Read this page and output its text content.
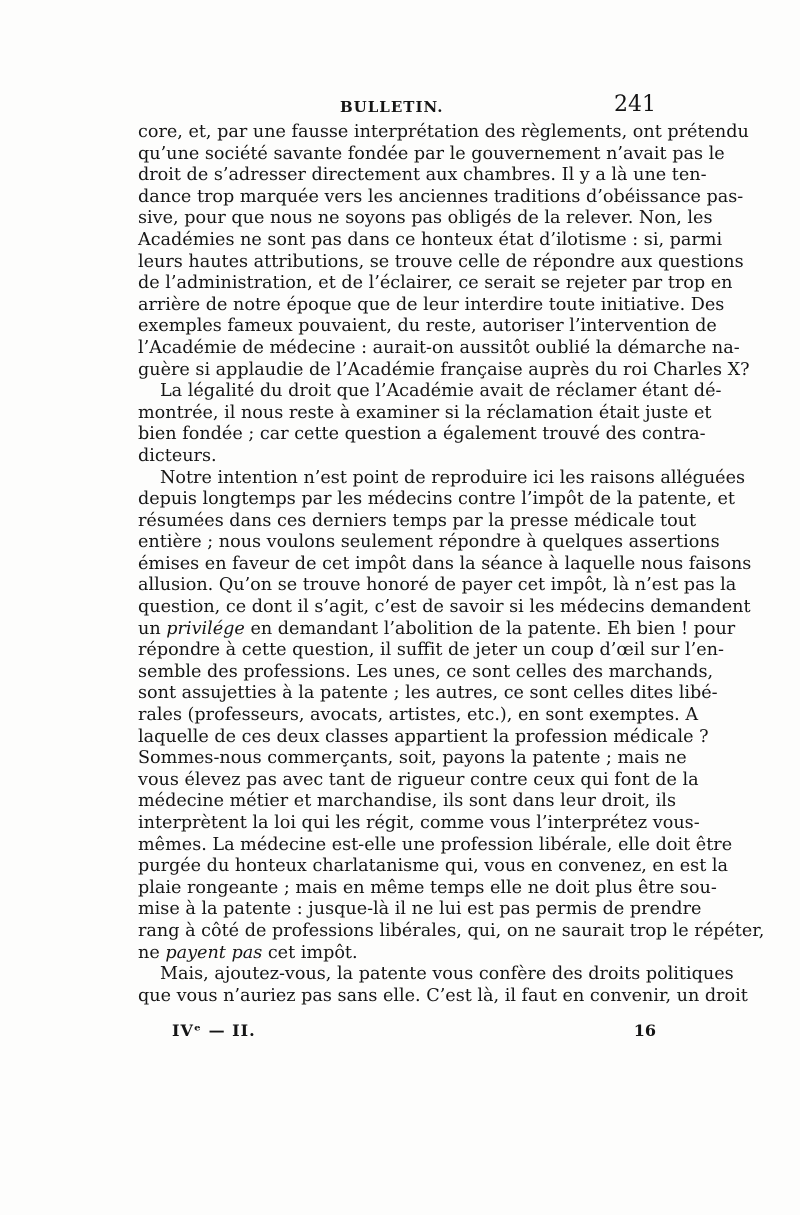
BULLETIN.	241
core, et, par une fausse interprétation des règlements, ont prétendu
qu’une société savante fondée par le gouvernement n’avait pas le
droit de s’adresser directement aux chambres. Il y a là une ten-
dance trop marquée vers les anciennes traditions d’obéissance pas-
sive, pour que nous ne soyons pas obligés de la relever. Non, les
Académies ne sont pas dans ce honteux état d’ilotisme : si, parmi
leurs hautes attributions, se trouve celle de répondre aux questions
de l’administration, et de l’éclairer, ce serait se rejeter par trop en
arrière de notre époque que de leur interdire toute initiative. Des
exemples fameux pouvaient, du reste, autoriser l’intervention de
l’Académie de médecine : aurait-on aussitôt oublié la démarche na-
guère si applaudie de l’Académie française auprès du roi Charles X?
La légalité du droit que l’Académie avait de réclamer étant dé-
montrée, il nous reste à examiner si la réclamation était juste et
bien fondée ; car cette question a également trouvé des contra-
dicteurs.
Notre intention n’est point de reproduire ici les raisons alléguées
depuis longtemps par les médecins contre l’impôt de la patente, et
résumées dans ces derniers temps par la presse médicale tout
entière ; nous voulons seulement répondre à quelques assertions
émises en faveur de cet impôt dans la séance à laquelle nous faisons
allusion. Qu’on se trouve honoré de payer cet impôt, là n’est pas la
question, ce dont il s’agit, c’est de savoir si les médecins demandent
un privilége en demandant l’abolition de la patente. Eh bien ! pour
répondre à cette question, il suffit de jeter un coup d’œil sur l’en-
semble des professions. Les unes, ce sont celles des marchands,
sont assujetties à la patente ; les autres, ce sont celles dites libé-
rales (professeurs, avocats, artistes, etc.), en sont exemptes. A
laquelle de ces deux classes appartient la profession médicale ?
Sommes-nous commerçants, soit, payons la patente ; mais ne
vous élevez pas avec tant de rigueur contre ceux qui font de la
médecine métier et marchandise, ils sont dans leur droit, ils
interprètent la loi qui les régit, comme vous l’interprétez vous-
mêmes. La médecine est-elle une profession libérale, elle doit être
purgée du honteux charlatanisme qui, vous en convenez, en est la
plaie rongeante ; mais en même temps elle ne doit plus être sou-
mise à la patente : jusque-là il ne lui est pas permis de prendre
rang à côté de professions libérales, qui, on ne saurait trop le répéter,
ne payent pas cet impôt.
Mais, ajoutez-vous, la patente vous confère des droits politiques
que vous n’auriez pas sans elle. C’est là, il faut en convenir, un droit
IVᵉ — II.	16
